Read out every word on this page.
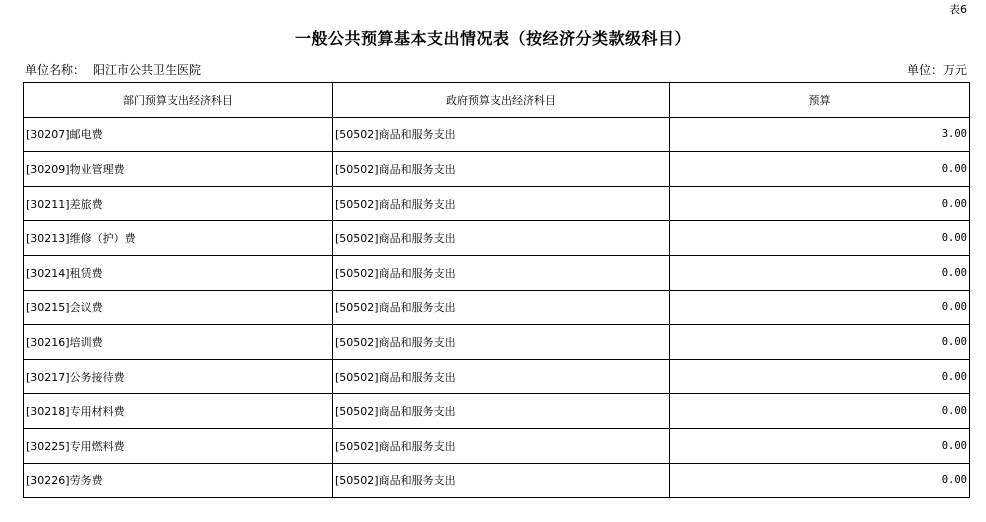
表6
一般公共预算基本支出情况表（按经济分类款级科目）
单位名称： 阳江市公共卫生医院	单位：万元
部门预算支出经济科目	政府预算支出经济科目	预算
[30207]邮电费	[50502]商品和服务支出	3.00
[30209]物业管理费	[50502]商品和服务支出	0.00
[30211]差旅费	[50502]商品和服务支出	0.00
[30213]维修（护）费	[50502]商品和服务支出	0.00
[30214]租赁费	[50502]商品和服务支出	0.00
[30215]会议费	[50502]商品和服务支出	0.00
[30216]培训费	[50502]商品和服务支出	0.00
[30217]公务接待费	[50502]商品和服务支出	0.00
[30218]专用材料费	[50502]商品和服务支出	0.00
[30225]专用燃料费	[50502]商品和服务支出	0.00
[30226]劳务费	[50502]商品和服务支出	0.00
